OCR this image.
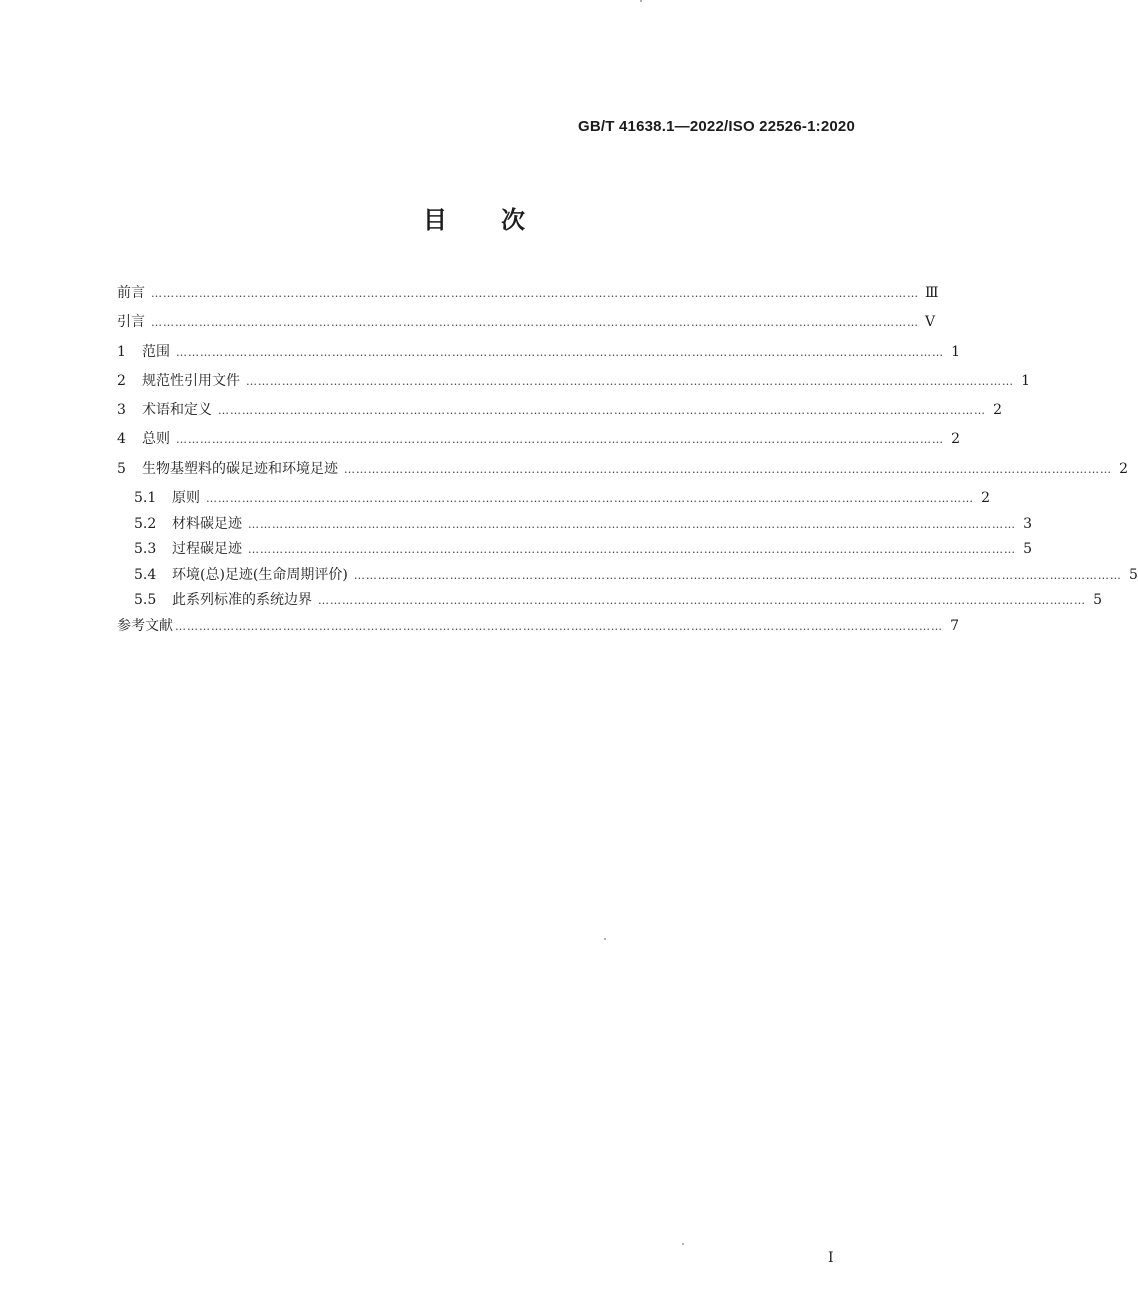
GB/T 41638.1—2022/ISO 22526-1:2020
目 次
前言 ………………………………………………………………………………………………………………………………………………………………………… Ⅲ
引言 ………………………………………………………………………………………………………………………………………………………………………… Ⅴ
1	范围 ………………………………………………………………………………………………………………………………………………………………………… 1
2	规范性引用文件 ………………………………………………………………………………………………………………………………………………………………………… 1
3	术语和定义 ………………………………………………………………………………………………………………………………………………………………………… 2
4	总则 ………………………………………………………………………………………………………………………………………………………………………… 2
5	生物基塑料的碳足迹和环境足迹 ………………………………………………………………………………………………………………………………………………………………………… 2
5.1	原则 ………………………………………………………………………………………………………………………………………………………………………… 2
5.2	材料碳足迹 ………………………………………………………………………………………………………………………………………………………………………… 3
5.3	过程碳足迹 ………………………………………………………………………………………………………………………………………………………………………… 5
5.4	环境(总)足迹(生命周期评价) ………………………………………………………………………………………………………………………………………………………………………… 5
5.5	此系列标准的系统边界 ………………………………………………………………………………………………………………………………………………………………………… 5
参考文献 ………………………………………………………………………………………………………………………………………………………………………… 7
I
